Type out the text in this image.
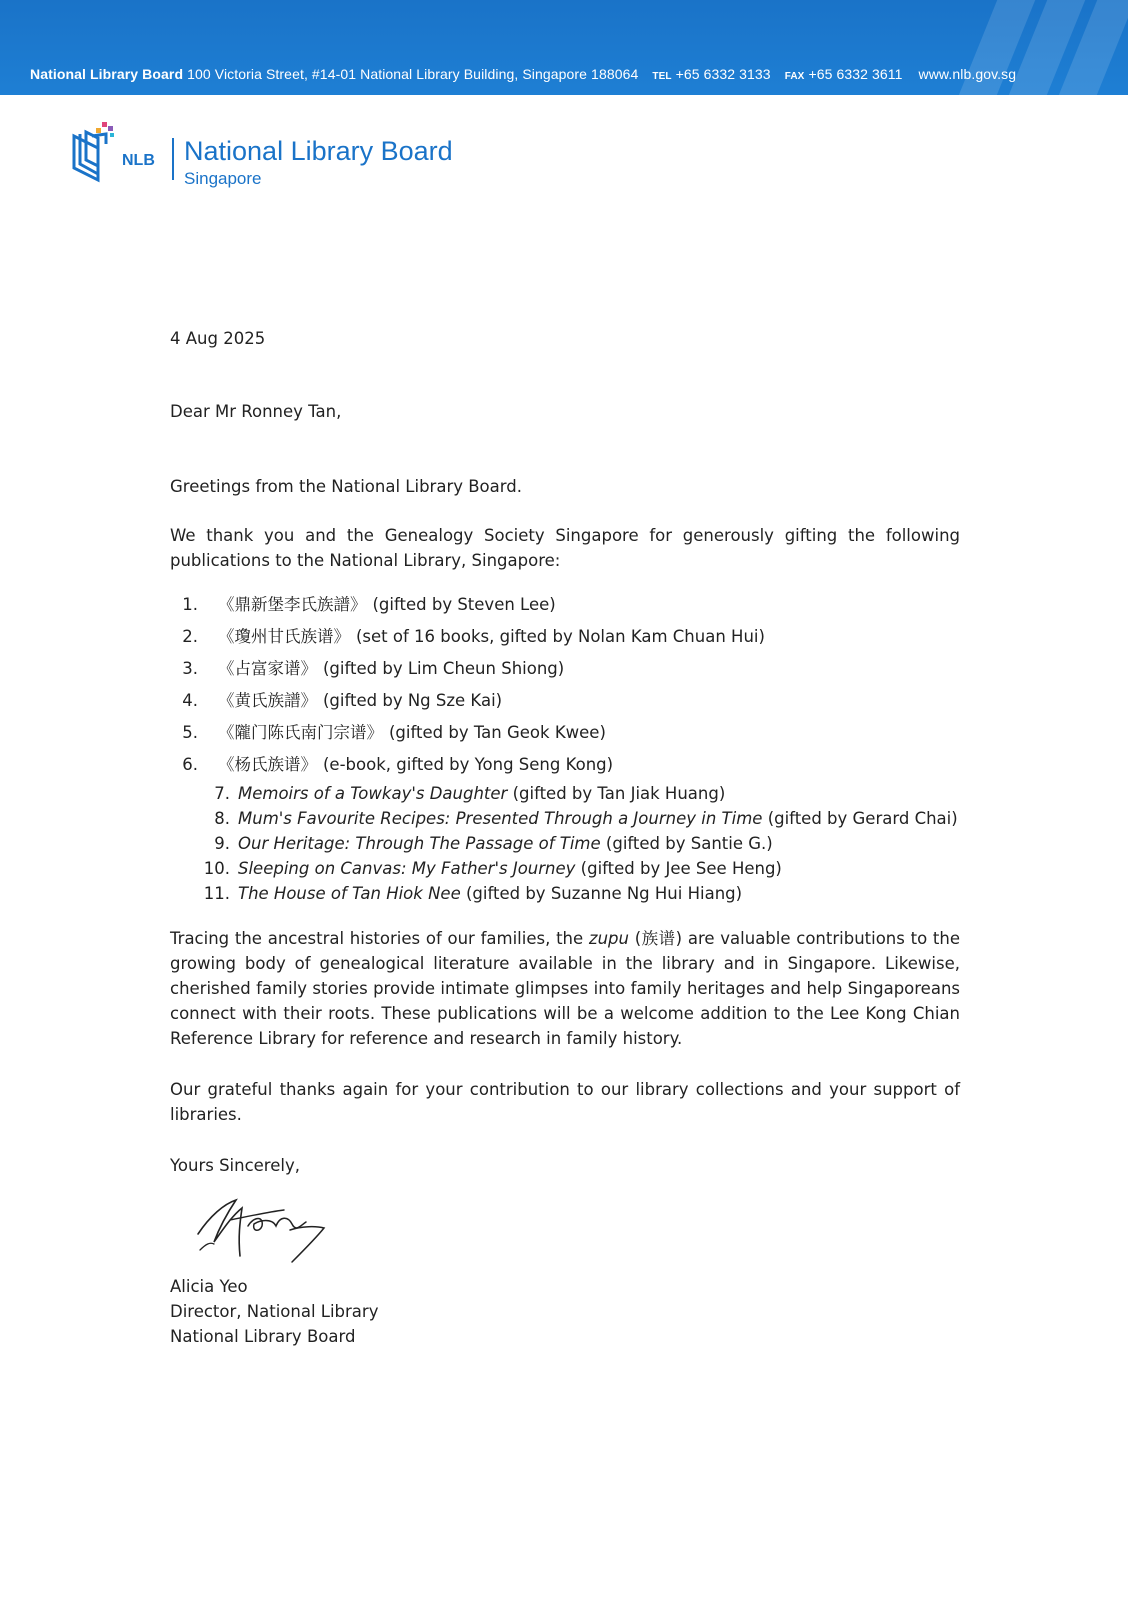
National Library Board 100 Victoria Street, #14-01 National Library Building, Singapore 188064 TEL +65 6332 3133 FAX +65 6332 3611 www.nlb.gov.sg
NLB National Library Board
Singapore
4 Aug 2025
Dear Mr Ronney Tan,
Greetings from the National Library Board.
We thank you and the Genealogy Society Singapore for generously gifting the following publications to the National Library, Singapore:
1.	《鼎新堡李氏族譜》 (gifted by Steven Lee)
2.	《瓊州甘氏族谱》 (set of 16 books, gifted by Nolan Kam Chuan Hui)
3.	《占富家谱》 (gifted by Lim Cheun Shiong)
4.	《黄氏族譜》 (gifted by Ng Sze Kai)
5.	《隴门陈氏南门宗谱》 (gifted by Tan Geok Kwee)
6.	《杨氏族谱》 (e-book, gifted by Yong Seng Kong)
7. Memoirs of a Towkay's Daughter (gifted by Tan Jiak Huang)
8. Mum's Favourite Recipes: Presented Through a Journey in Time (gifted by Gerard Chai)
9. Our Heritage: Through The Passage of Time (gifted by Santie G.)
10. Sleeping on Canvas: My Father's Journey (gifted by Jee See Heng)
11. The House of Tan Hiok Nee (gifted by Suzanne Ng Hui Hiang)
Tracing the ancestral histories of our families, the zupu (族谱) are valuable contributions to the growing body of genealogical literature available in the library and in Singapore. Likewise, cherished family stories provide intimate glimpses into family heritages and help Singaporeans connect with their roots. These publications will be a welcome addition to the Lee Kong Chian Reference Library for reference and research in family history.
Our grateful thanks again for your contribution to our library collections and your support of libraries.
Yours Sincerely,
Alicia Yeo
Director, National Library
National Library Board
